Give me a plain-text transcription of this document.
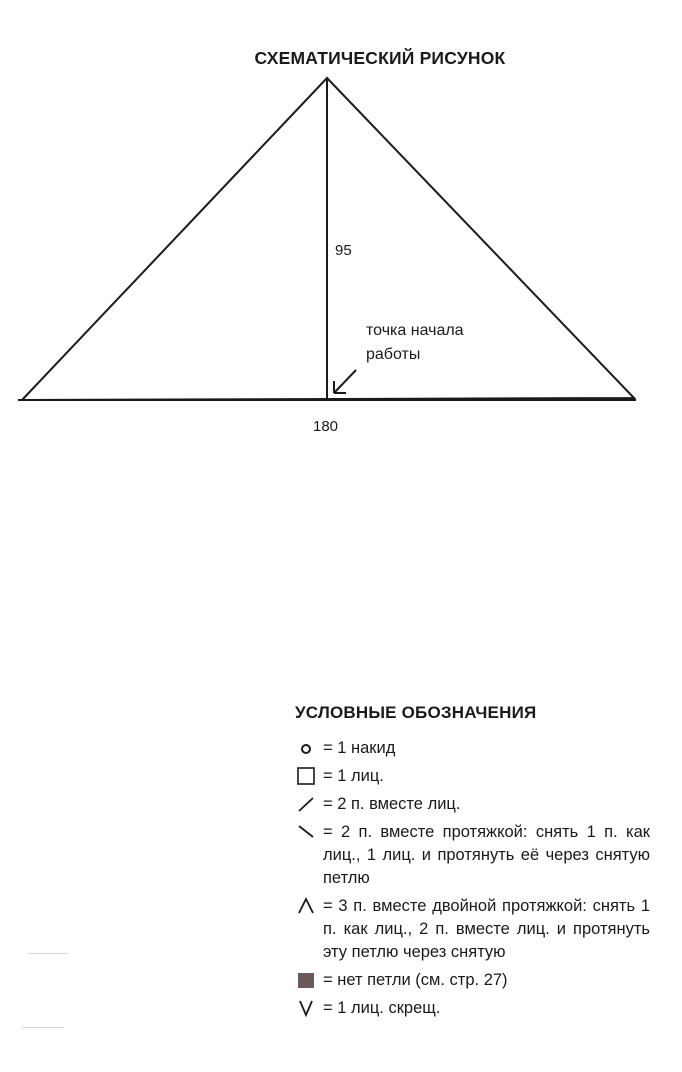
СХЕМАТИЧЕСКИЙ РИСУНОК
95
180
точка начала
работы
УСЛОВНЫЕ ОБОЗНАЧЕНИЯ
= 1 накид
= 1 лиц.
= 2 п. вместе лиц.
= 2 п. вместе протяжкой: снять 1 п. как лиц., 1 лиц. и протянуть её через снятую петлю
= 3 п. вместе двойной протяжкой: снять 1 п. как лиц., 2 п. вместе лиц. и протянуть эту петлю через снятую
= нет петли (см. стр. 27)
= 1 лиц. скрещ.
